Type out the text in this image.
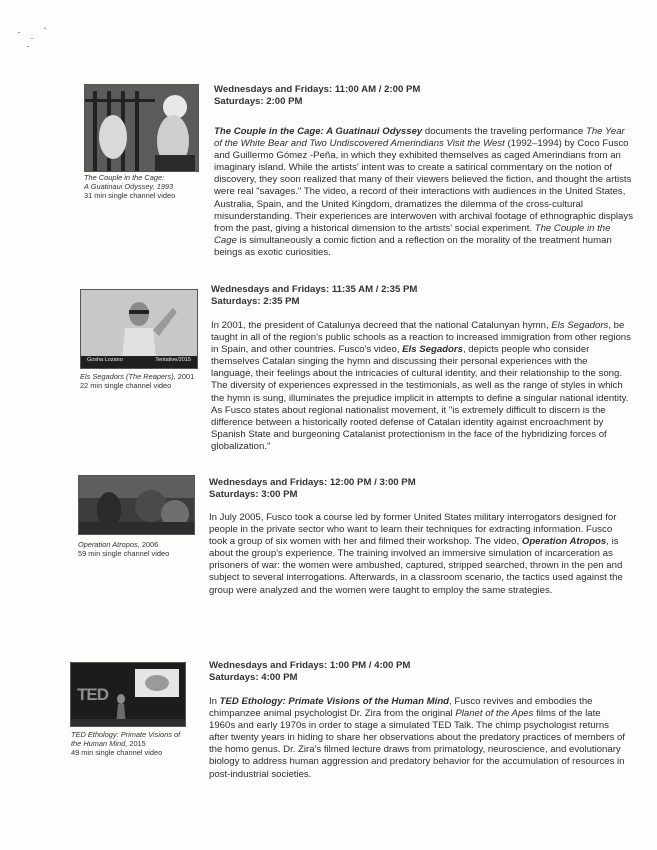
The Couple in the Cage:
A Guatinaui Odyssey, 1993
31 min single channel video
Wednesdays and Fridays: 11:00 AM / 2:00 PM
Saturdays: 2:00 PM

The Couple in the Cage: A Guatinaui Odyssey documents the traveling performance The Year of the White Bear and Two Undiscovered Amerindians Visit the West (1992–1994) by Coco Fusco and Guillermo Gómez -Peña, in which they exhibited themselves as caged Amerindians from an imaginary island. While the artists' intent was to create a satirical commentary on the notion of discovery, they soon realized that many of their viewers believed the fiction, and thought the artists were real "savages." The video, a record of their interactions with audiences in the United States, Australia, Spain, and the United Kingdom, dramatizes the dilemma of the cross-cultural misunderstanding. Their experiences are interwoven with archival footage of ethnographic displays from the past, giving a historical dimension to the artists' social experiment. The Couple in the Cage is simultaneously a comic fiction and a reflection on the morality of the treatment human beings as exotic curiosities.

Gosha Lozano	Tentative/2015
Els Segadors (The Reapers), 2001
22 min single channel video
Wednesdays and Fridays: 11:35 AM / 2:35 PM
Saturdays: 2:35 PM

In 2001, the president of Catalunya decreed that the national Catalunyan hymn, Els Segadors, be taught in all of the region's public schools as a reaction to increased immigration from other regions in Spain, and other countries. Fusco's video, Els Segadors, depicts people who consider themselves Catalan singing the hymn and discussing their personal experiences with the language, their feelings about the intricacies of cultural identity, and their relationship to the song. The diversity of experiences expressed in the testimonials, as well as the range of styles in which the hymn is sung, illuminates the prejudice implicit in attempts to define a singular national identity. As Fusco states about regional nationalist movement, it "is extremely difficult to discern is the difference between a historically rooted defense of Catalan identity against encroachment by Spanish State and burgeoning Catalanist protectionism in the face of the hybridizing forces of globalization."

Operation Atropos, 2006
59 min single channel video
Wednesdays and Fridays: 12:00 PM / 3:00 PM
Saturdays: 3:00 PM

In July 2005, Fusco took a course led by former United States military interrogators designed for people in the private sector who want to learn their techniques for extracting information. Fusco took a group of six women with her and filmed their workshop. The video, Operation Atropos, is about the group's experience. The training involved an immersive simulation of incarceration as prisoners of war: the women were ambushed, captured, stripped searched, thrown in the pen and subject to several interrogations. Afterwards, in a classroom scenario, the tactics used against the group were analyzed and the women were taught to employ the same strategies.

TED
TED Ethology: Primate Visions of
the Human Mind, 2015
49 min single channel video
Wednesdays and Fridays: 1:00 PM / 4:00 PM
Saturdays: 4:00 PM

In TED Ethology: Primate Visions of the Human Mind, Fusco revives and embodies the chimpanzee animal psychologist Dr. Zira from the original Planet of the Apes films of the late 1960s and early 1970s in order to stage a simulated TED Talk. The chimp psychologist returns after twenty years in hiding to share her observations about the predatory practices of members of the homo genus. Dr. Zira's filmed lecture draws from primatology, neuroscience, and evolutionary biology to address human aggression and predatory behavior for the accumulation of resources in post-industrial societies.
